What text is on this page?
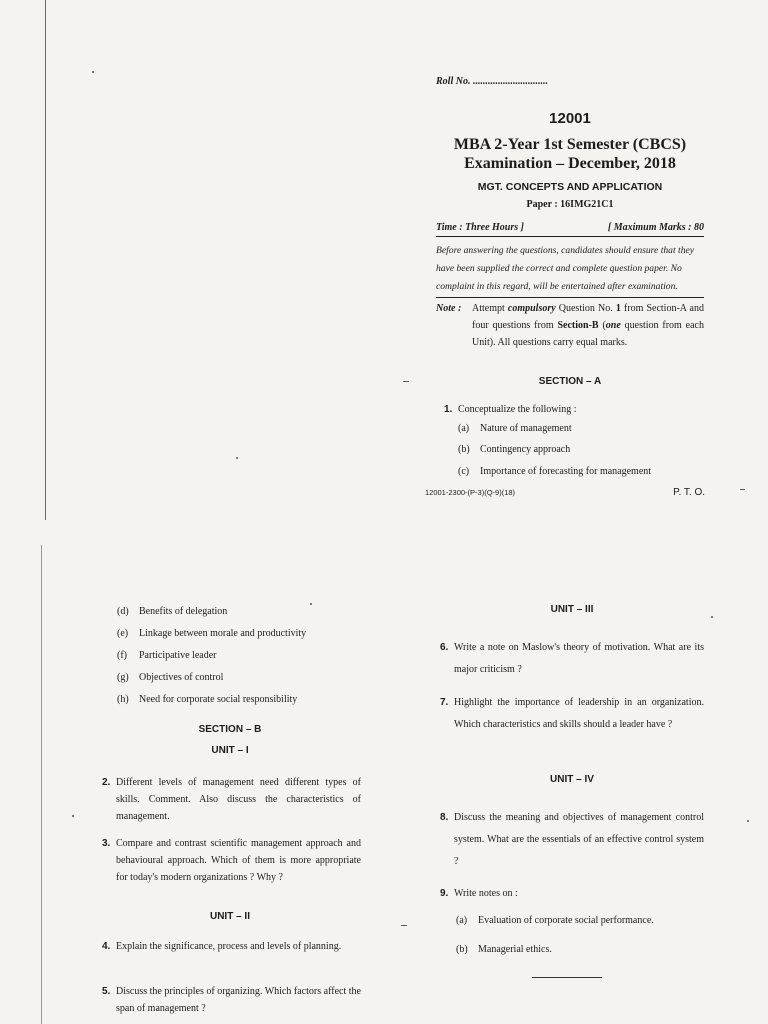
Roll No. ..............................
12001
MBA 2-Year 1st Semester (CBCS)
Examination – December, 2018
MGT. CONCEPTS AND APPLICATION
Paper : 16IMG21C1
Time : Three Hours ]	[ Maximum Marks : 80
Before answering the questions, candidates should ensure that they have been supplied the correct and complete question paper. No complaint in this regard, will be entertained after examination.
Note :	Attempt compulsory Question No. 1 from Section-A and four questions from Section-B (one question from each Unit). All questions carry equal marks.
SECTION – A
1. Conceptualize the following :
(a)	Nature of management
(b)	Contingency approach
(c)	Importance of forecasting for management
12001-2300-(P-3)(Q-9)(18)	P. T. O.
(d)	Benefits of delegation
(e)	Linkage between morale and productivity
(f)	Participative leader
(g)	Objectives of control
(h)	Need for corporate social responsibility
SECTION – B
UNIT – I
2. Different levels of management need different types of skills. Comment. Also discuss the characteristics of management.
3. Compare and contrast scientific management approach and behavioural approach. Which of them is more appropriate for today's modern organizations ? Why ?
UNIT – II
4. Explain the significance, process and levels of planning.
5. Discuss the principles of organizing. Which factors affect the span of management ?
UNIT – III
6. Write a note on Maslow's theory of motivation. What are its major criticism ?
7. Highlight the importance of leadership in an organization. Which characteristics and skills should a leader have ?
UNIT – IV
8. Discuss the meaning and objectives of management control system. What are the essentials of an effective control system ?
9. Write notes on :
(a)	Evaluation of corporate social performance.
(b)	Managerial ethics.
